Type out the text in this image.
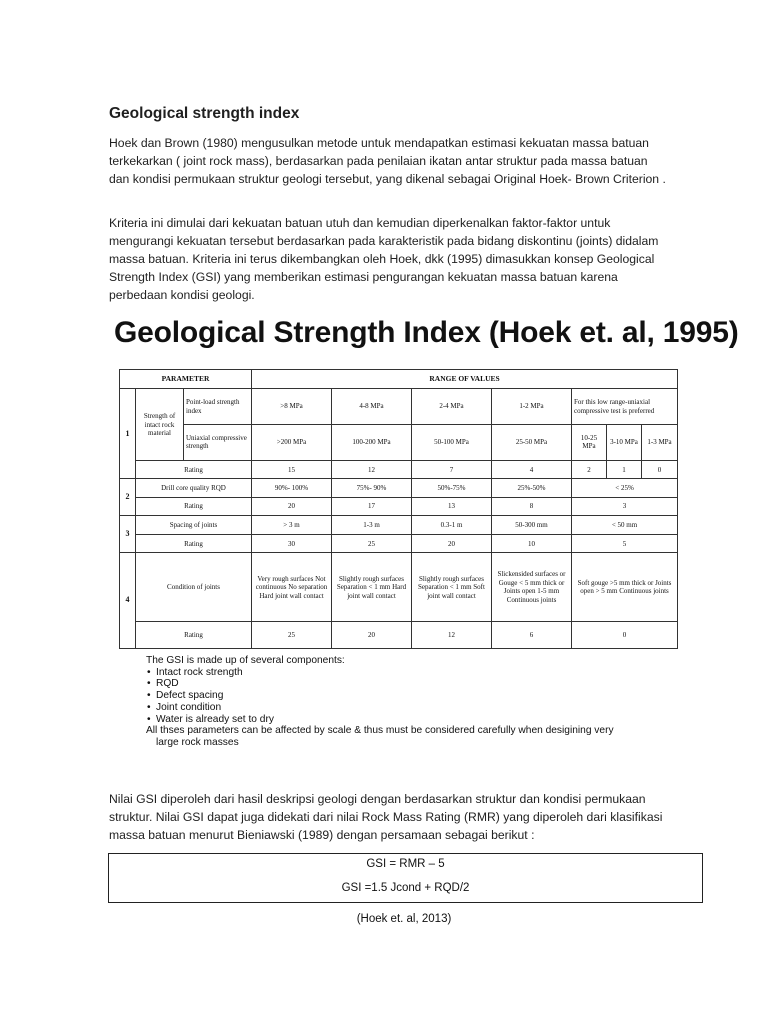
Geological strength index
Hoek dan Brown (1980) mengusulkan metode untuk mendapatkan estimasi kekuatan massa batuan terkekarkan ( joint rock mass), berdasarkan pada penilaian ikatan antar struktur pada massa batuan dan kondisi permukaan struktur geologi tersebut, yang dikenal sebagai Original Hoek- Brown Criterion .
Kriteria ini dimulai dari kekuatan batuan utuh dan kemudian diperkenalkan faktor-faktor untuk mengurangi kekuatan tersebut berdasarkan pada karakteristik pada bidang diskontinu (joints) didalam massa batuan. Kriteria ini terus dikembangkan oleh Hoek, dkk (1995) dimasukkan konsep Geological Strength Index (GSI) yang memberikan estimasi pengurangan kekuatan massa batuan karena perbedaan kondisi geologi.
Geological Strength Index (Hoek et. al, 1995)
PARAMETER			RANGE OF VALUES						
1	Strength of intact rock material	Point-load strength index	>8 MPa	4-8 MPa	2-4 MPa	1-2 MPa	For this low range-uniaxial compressive test is preferred		
		Uniaxial compressive strength	>200 MPa	100-200 MPa	50-100 MPa	25-50 MPa	10-25 MPa	3-10 MPa	1-3 MPa
	Rating		15	12	7	4	2	1	0
2	Drill core quality RQD		90%- 100%	75%- 90%	50%-75%	25%-50%	< 25%		
	Rating		20	17	13	8	3		
3	Spacing of joints		> 3 m	1-3 m	0.3-1 m	50-300 mm	< 50 mm		
	Rating		30	25	20	10	5		
4	Condition of joints		Very rough surfaces Not continuous No separation Hard joint wall contact	Slightly rough surfaces Separation < 1 mm Hard joint wall contact	Slightly rough surfaces Separation < 1 mm Soft joint wall contact	Slickensided surfaces or Gouge < 5 mm thick or Joints open 1-5 mm Continuous joints	Soft gouge >5 mm thick or Joints open > 5 mm Continuous joints		
	Rating		25	20	12	6	0		
The GSI is made up of several components:
• Intact rock strength
• RQD
• Defect spacing
• Joint condition
• Water is already set to dry
All thses parameters can be affected by scale & thus must be considered carefully when desigining very
large rock masses
Nilai GSI diperoleh dari hasil deskripsi geologi dengan berdasarkan struktur dan kondisi permukaan struktur. Nilai GSI dapat juga didekati dari nilai Rock Mass Rating (RMR) yang diperoleh dari klasifikasi massa batuan menurut Bieniawski (1989) dengan persamaan sebagai berikut :
GSI = RMR – 5
GSI =1.5 Jcond + RQD/2
(Hoek et. al, 2013)
